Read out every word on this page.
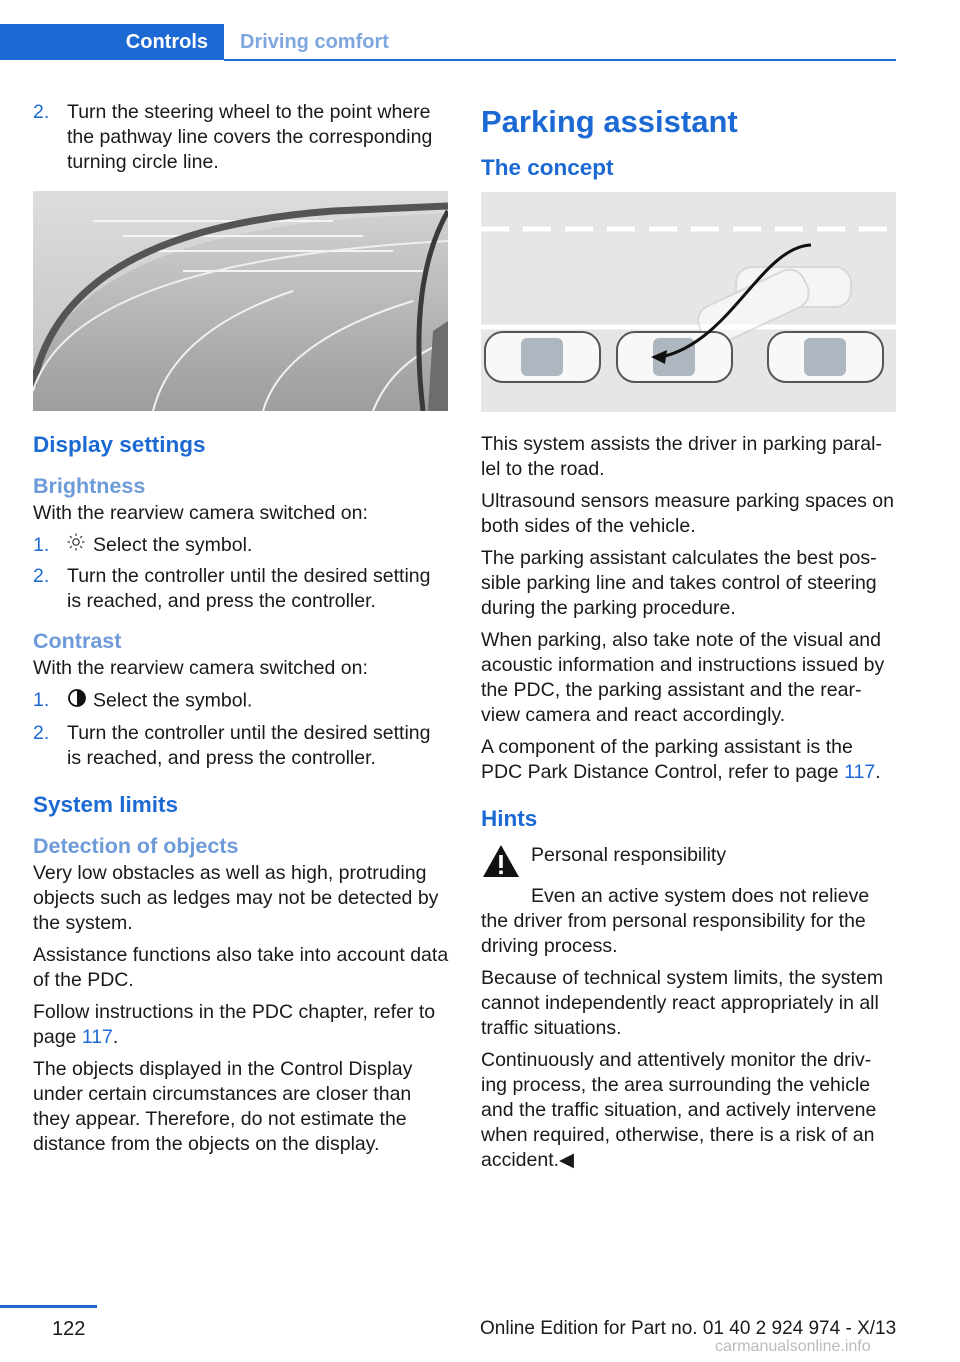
Controls	Driving comfort
2. Turn the steering wheel to the point where the pathway line covers the corresponding turning circle line.
Display settings
Brightness

With the rearview camera switched on:

1.	Select the symbol.
2. Turn the controller until the desired setting is reached, and press the controller.
Contrast

With the rearview camera switched on:

1.	Select the symbol.
2. Turn the controller until the desired setting is reached, and press the controller.
System limits
Detection of objects

Very low obstacles as well as high, protruding objects such as ledges may not be detected by the system.

Assistance functions also take into account data of the PDC.

Follow instructions in the PDC chapter, refer to page 117.

The objects displayed in the Control Display under certain circumstances are closer than they appear. Therefore, do not estimate the distance from the objects on the display.

Parking assistant
The concept

This system assists the driver in parking paral‐lel to the road.

Ultrasound sensors measure parking spaces on both sides of the vehicle.

The parking assistant calculates the best pos‐sible parking line and takes control of steering during the parking procedure.

When parking, also take note of the visual and acoustic information and instructions issued by the PDC, the parking assistant and the rear‐view camera and react accordingly.

A component of the parking assistant is the PDC Park Distance Control, refer to page 117.

Hints

Personal responsibility

Even an active system does not relieve the driver from personal responsibility for the driving process.

Because of technical system limits, the system cannot independently react appropriately in all traffic situations.

Continuously and attentively monitor the driv‐ing process, the area surrounding the vehicle and the traffic situation, and actively intervene when required, otherwise, there is a risk of an accident.◀

122	Online Edition for Part no. 01 40 2 924 974 - X/13
carmanualsonline.info
